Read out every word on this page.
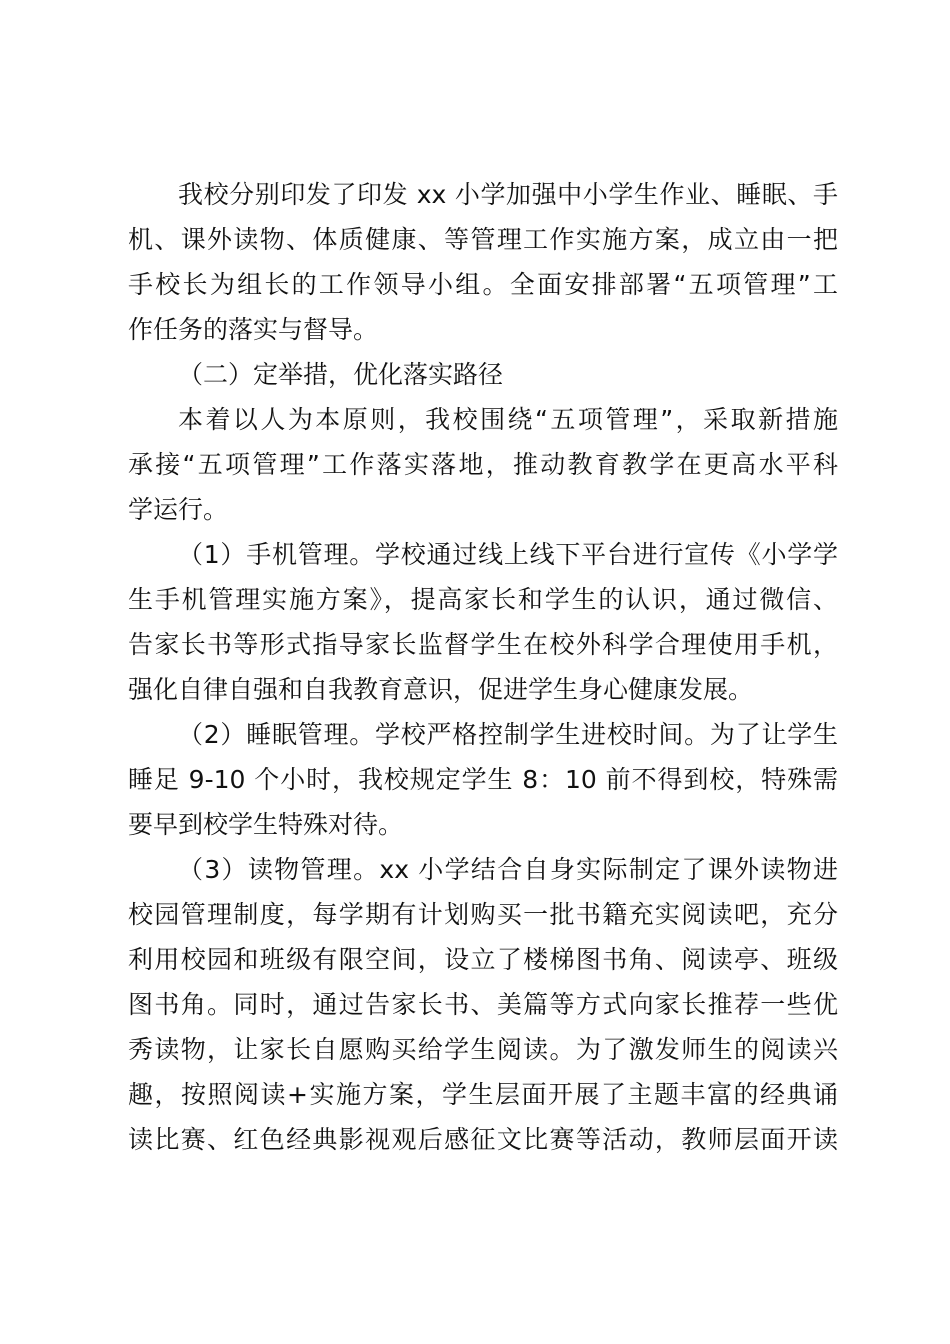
我校分别印发了印发 xx 小学加强中小学生作业、睡眠、手
机、课外读物、体质健康、等管理工作实施方案，成立由一把
手校长为组长的工作领导小组。全面安排部署“五项管理”工
作任务的落实与督导。
（二）定举措，优化落实路径
本着以人为本原则，我校围绕“五项管理”，采取新措施
承接“五项管理”工作落实落地，推动教育教学在更高水平科
学运行。
（1）手机管理。学校通过线上线下平台进行宣传《小学学
生手机管理实施方案》，提高家长和学生的认识，通过微信、
告家长书等形式指导家长监督学生在校外科学合理使用手机，
强化自律自强和自我教育意识，促进学生身心健康发展。
（2）睡眠管理。学校严格控制学生进校时间。为了让学生
睡足 9-10 个小时，我校规定学生 8：10 前不得到校，特殊需
要早到校学生特殊对待。
（3）读物管理。xx 小学结合自身实际制定了课外读物进
校园管理制度，每学期有计划购买一批书籍充实阅读吧，充分
利用校园和班级有限空间，设立了楼梯图书角、阅读亭、班级
图书角。同时，通过告家长书、美篇等方式向家长推荐一些优
秀读物，让家长自愿购买给学生阅读。为了激发师生的阅读兴
趣，按照阅读+实施方案，学生层面开展了主题丰富的经典诵
读比赛、红色经典影视观后感征文比赛等活动，教师层面开读
